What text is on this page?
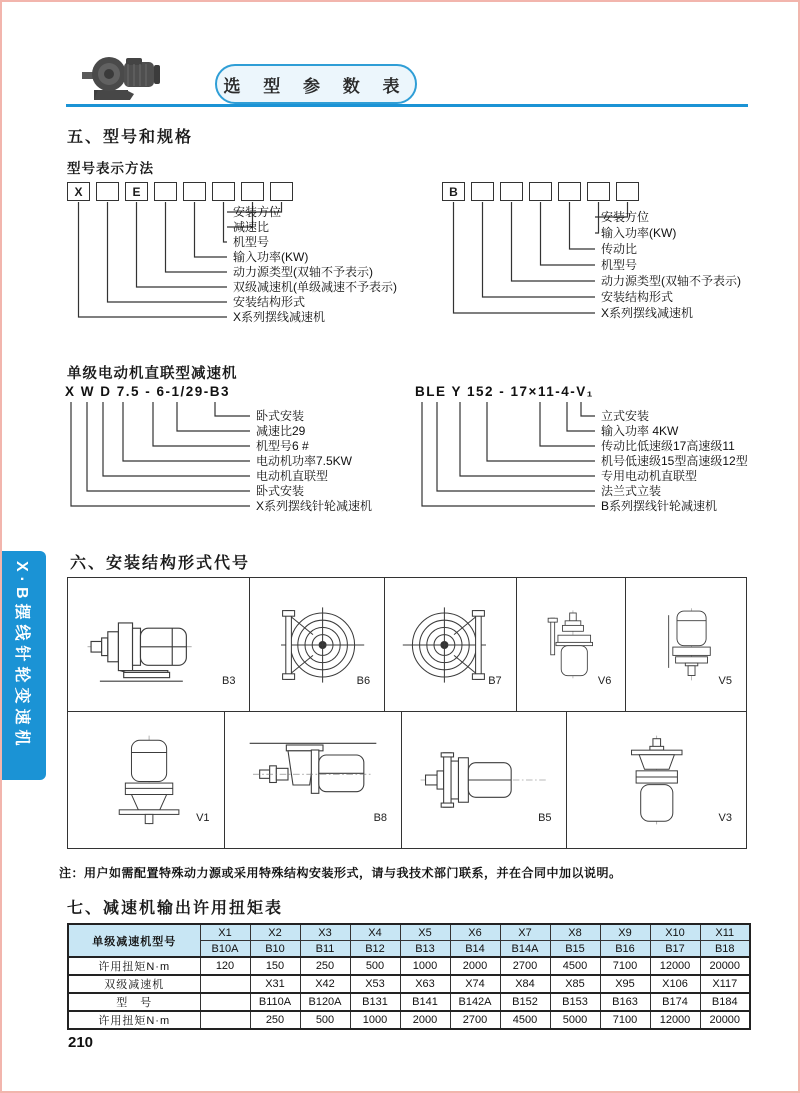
选 型 参 数 表
X·B摆线针轮变速机
五、型号和规格
型号表示方法
X	E
安装方位
减速比
机型号
输入功率(KW)
动力源类型(双轴不予表示)
双级减速机(单级减速不予表示)
安装结构形式
X系列摆线减速机
B
安装方位
输入功率(KW)
传动比
机型号
动力源类型(双轴不予表示)
安装结构形式
X系列摆线减速机
单级电动机直联型减速机
X W D 7.5 - 6-1/29-B3
卧式安装
减速比29
机型号6 #
电动机功率7.5KW
电动机直联型
卧式安装
X系列摆线针轮减速机
BLE Y 152 - 17×11-4-V₁
立式安装
输入功率 4KW
传动比低速级17高速级11
机号低速级15型高速级12型
专用电动机直联型
法兰式立装
B系列摆线针轮减速机
六、安装结构形式代号
B3	B6	B7	V6	V5
V1	B8	B5	V3
注：用户如需配置特殊动力源或采用特殊结构安装形式，请与我技术部门联系，并在合同中加以说明。
七、减速机输出许用扭矩表
单级减速机型号	X1	X2	X3	X4	X5	X6	X7	X8	X9	X10	X11
	B10A	B10	B11	B12	B13	B14	B14A	B15	B16	B17	B18
许用扭矩N·m	120	150	250	500	1000	2000	2700	4500	7100	12000	20000
双级减速机		X31	X42	X53	X63	X74	X84	X85	X95	X106	X117
型　号		B110A	B120A	B131	B141	B142A	B152	B153	B163	B174	B184
许用扭矩N·m		250	500	1000	2000	2700	4500	5000	7100	12000	20000
210
